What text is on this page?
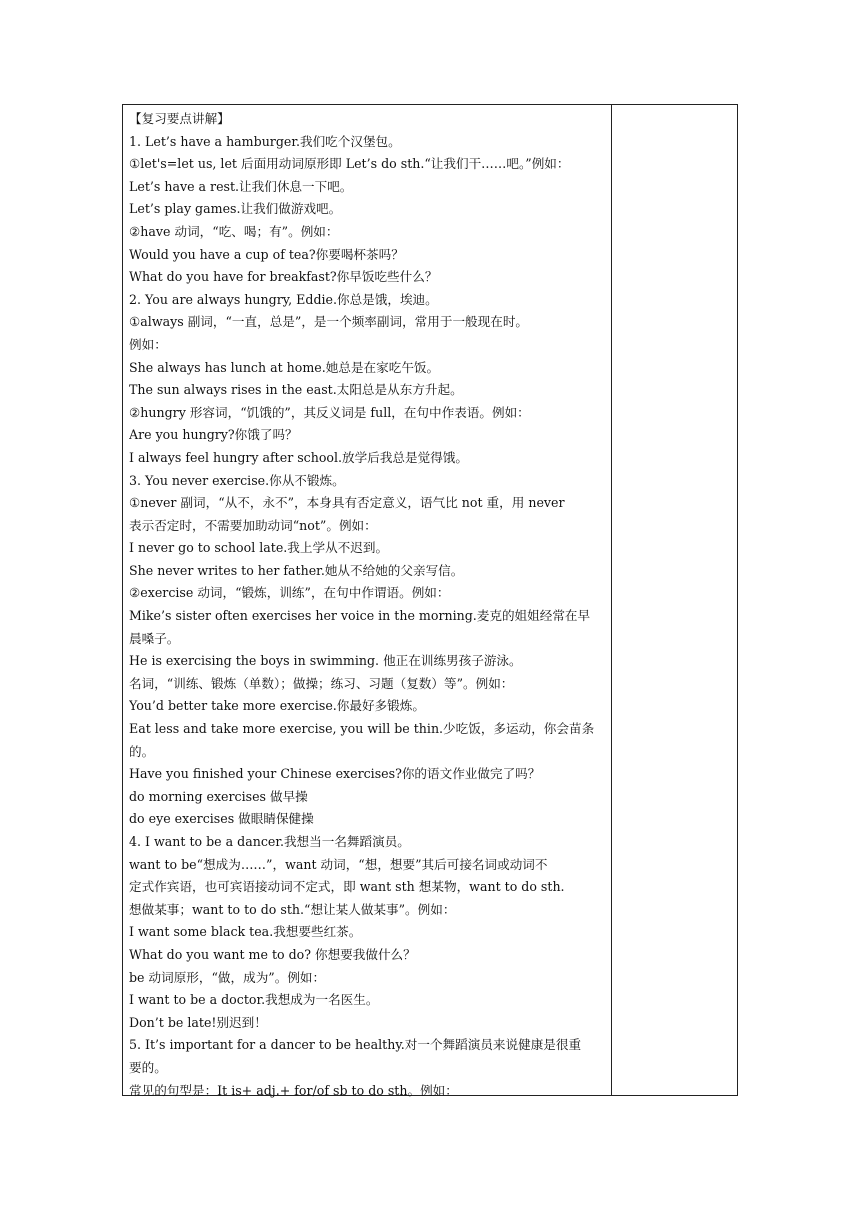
【复习要点讲解】
1. Let’s have a hamburger.我们吃个汉堡包。
①let's=let us, let 后面用动词原形即 Let’s do sth.“让我们干……吧。”例如：
Let’s have a rest.让我们休息一下吧。
Let’s play games.让我们做游戏吧。
②have 动词，“吃、喝；有”。例如：
Would you have a cup of tea?你要喝杯茶吗？
What do you have for breakfast?你早饭吃些什么？
2. You are always hungry, Eddie.你总是饿，埃迪。
①always 副词，“一直，总是”，是一个频率副词，常用于一般现在时。
例如：
She always has lunch at home.她总是在家吃午饭。
The sun always rises in the east.太阳总是从东方升起。
②hungry 形容词，“饥饿的”，其反义词是 full，在句中作表语。例如：
Are you hungry?你饿了吗？
I always feel hungry after school.放学后我总是觉得饿。
3. You never exercise.你从不锻炼。
①never 副词，“从不，永不”，本身具有否定意义，语气比 not 重，用 never
表示否定时，不需要加助动词“not”。例如：
I never go to school late.我上学从不迟到。
She never writes to her father.她从不给她的父亲写信。
②exercise 动词，“锻炼，训练”，在句中作谓语。例如：
Mike’s sister often exercises her voice in the morning.麦克的姐姐经常在早
晨嗓子。
He is exercising the boys in swimming. 他正在训练男孩子游泳。
名词，“训练、锻炼（单数）；做操；练习、习题（复数）等”。例如：
You’d better take more exercise.你最好多锻炼。
Eat less and take more exercise, you will be thin.少吃饭，多运动，你会苗条
的。
Have you finished your Chinese exercises?你的语文作业做完了吗？
do morning exercises 做早操
do eye exercises 做眼睛保健操
4. I want to be a dancer.我想当一名舞蹈演员。
want to be“想成为……”，want 动词，“想，想要”其后可接名词或动词不
定式作宾语，也可宾语接动词不定式，即 want sth 想某物，want to do sth.
想做某事；want to to do sth.“想让某人做某事”。例如：
I want some black tea.我想要些红茶。
What do you want me to do? 你想要我做什么？
be 动词原形，“做，成为”。例如：
I want to be a doctor.我想成为一名医生。
Don’t be late!别迟到！
5. It’s important for a dancer to be healthy.对一个舞蹈演员来说健康是很重
要的。
常见的句型是：It is+ adj.+ for/of sb to do sth。例如：
